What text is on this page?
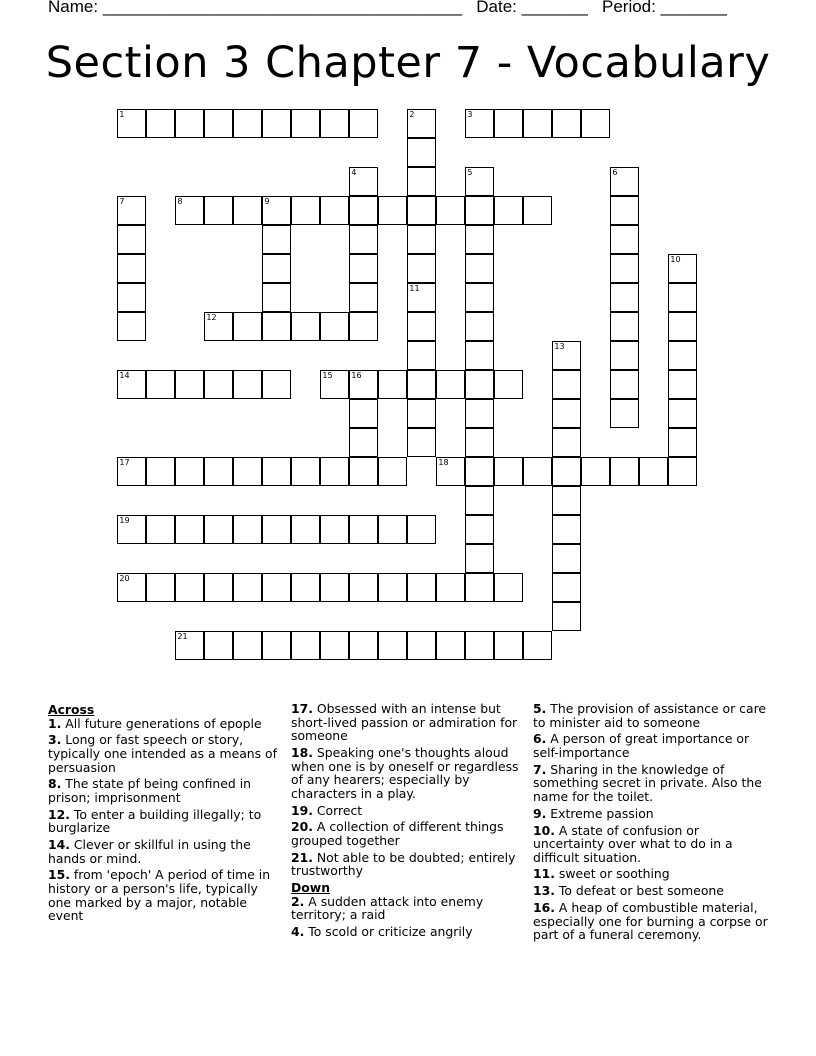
Name: ______________________________________ Date: _______ Period: _______
Section 3 Chapter 7 - Vocabulary
1	3
8	9
12
14	15 16
17	18
19
20
21
2
4	5	6
7
10
11
13
Across
1. All future generations of epople
3. Long or fast speech or story, typically one intended as a means of persuasion
8. The state pf being confined in prison; imprisonment
12. To enter a building illegally; to burglarize
14. Clever or skillful in using the hands or mind.
15. from 'epoch' A period of time in history or a person's life, typically one marked by a major, notable event
17. Obsessed with an intense but short-lived passion or admiration for someone
18. Speaking one's thoughts aloud when one is by oneself or regardless of any hearers; especially by characters in a play.
19. Correct
20. A collection of different things grouped together
21. Not able to be doubted; entirely trustworthy
Down
2. A sudden attack into enemy territory; a raid
4. To scold or criticize angrily
5. The provision of assistance or care to minister aid to someone
6. A person of great importance or self-importance
7. Sharing in the knowledge of something secret in private. Also the name for the toilet.
9. Extreme passion
10. A state of confusion or uncertainty over what to do in a difficult situation.
11. sweet or soothing
13. To defeat or best someone
16. A heap of combustible material, especially one for burning a corpse or part of a funeral ceremony.
